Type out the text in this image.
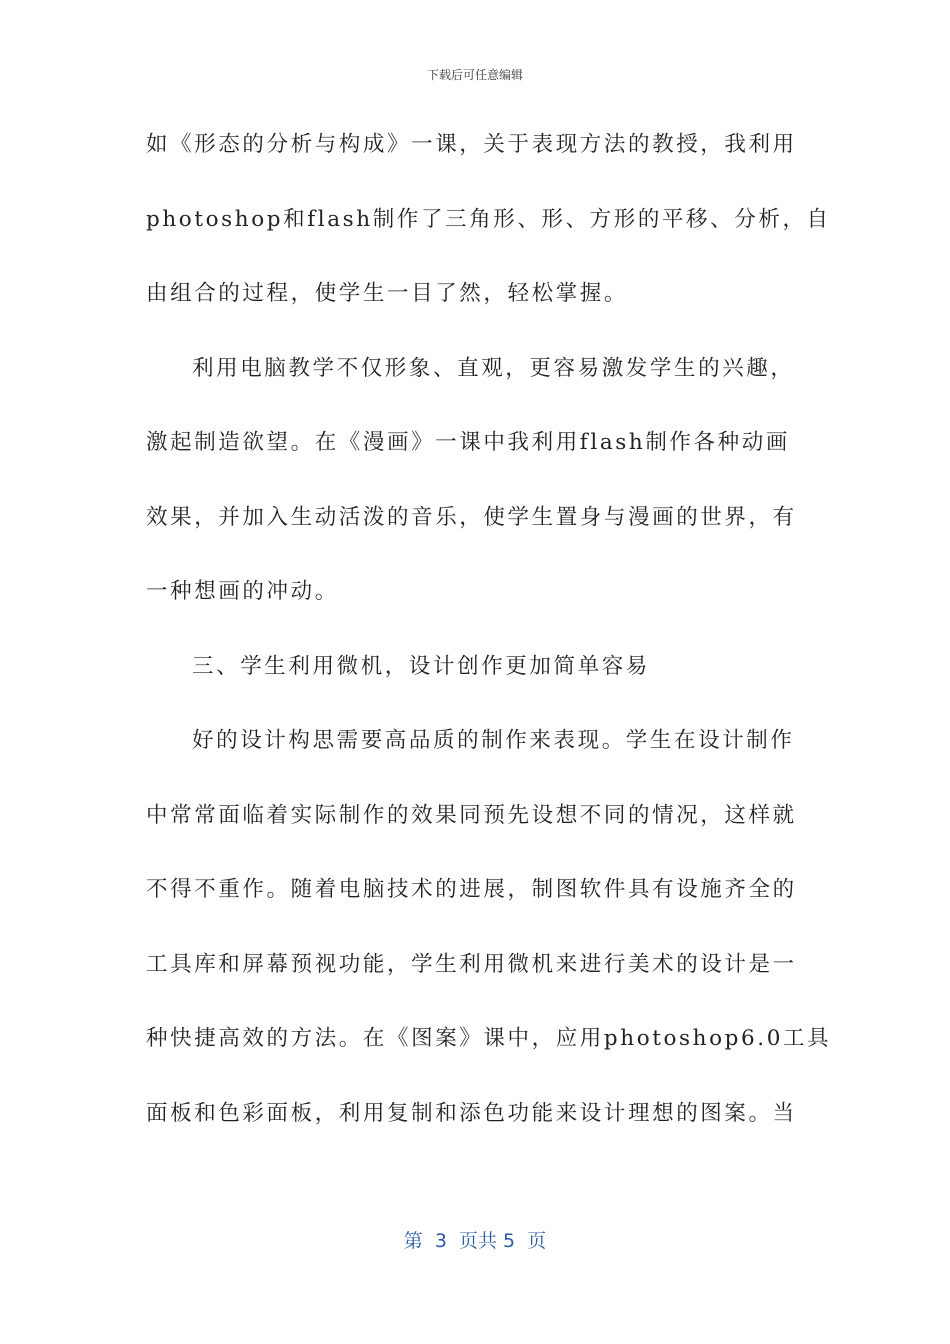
下载后可任意编辑
如《形态的分析与构成》一课，关于表现方法的教授，我利用
photoshop和flash制作了三角形、形、方形的平移、分析，自
由组合的过程，使学生一目了然，轻松掌握。
利用电脑教学不仅形象、直观，更容易激发学生的兴趣，
激起制造欲望。在《漫画》一课中我利用flash制作各种动画
效果，并加入生动活泼的音乐，使学生置身与漫画的世界，有
一种想画的冲动。
三、学生利用微机，设计创作更加简单容易
好的设计构思需要高品质的制作来表现。学生在设计制作
中常常面临着实际制作的效果同预先设想不同的情况，这样就
不得不重作。随着电脑技术的进展，制图软件具有设施齐全的
工具库和屏幕预视功能，学生利用微机来进行美术的设计是一
种快捷高效的方法。在《图案》课中，应用photoshop6.0工具
面板和色彩面板，利用复制和添色功能来设计理想的图案。当
第  3  页共 5  页
